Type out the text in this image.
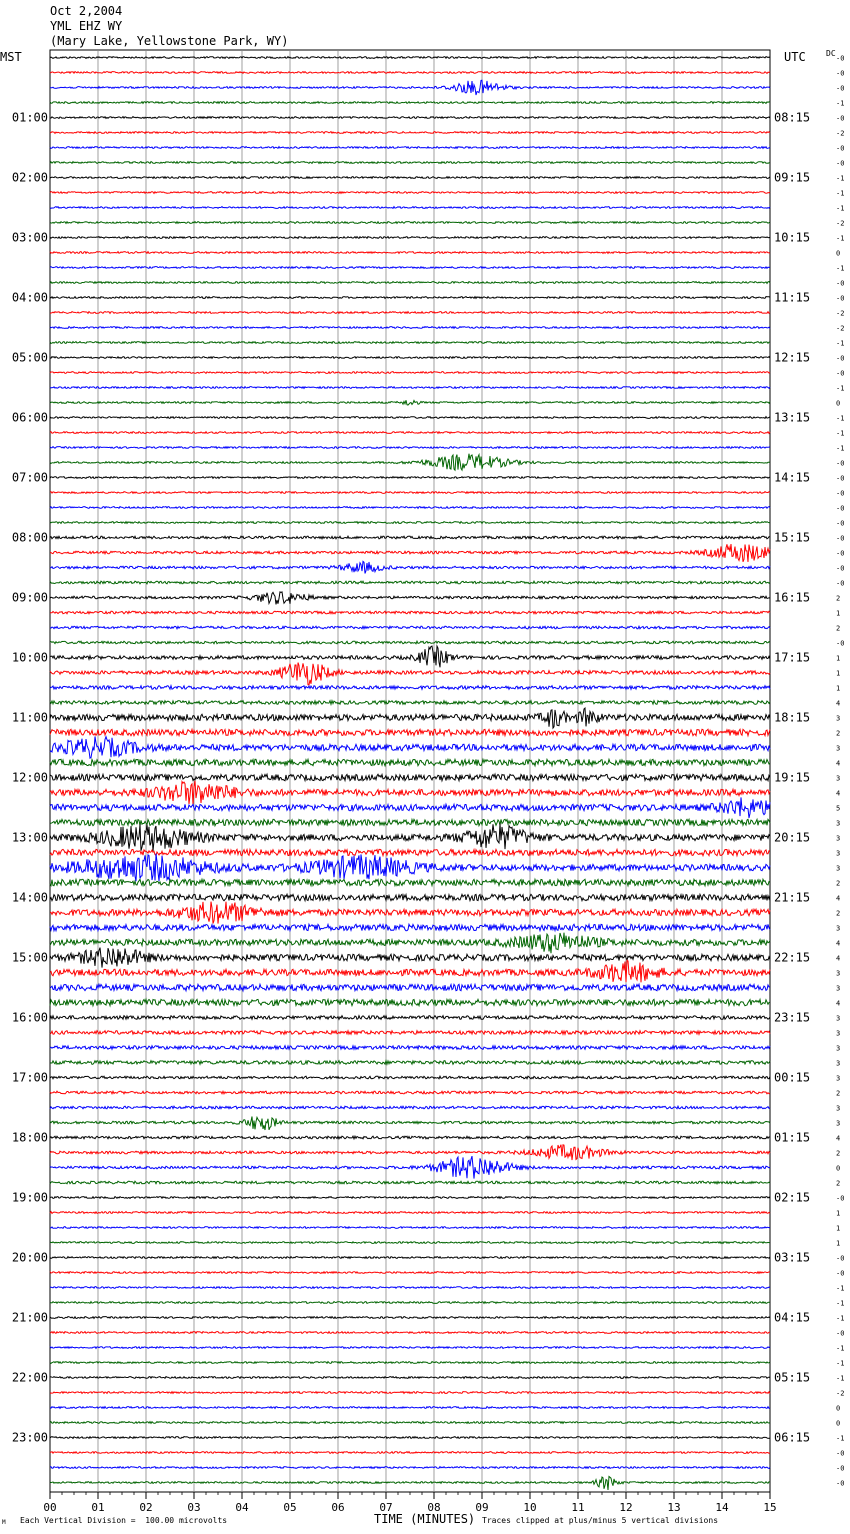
Oct 2,2004
YML EHZ WY
(Mary Lake, Yellowstone Park, WY)
MST	UTC	DC
00	01	02	03	04	05	06	07	08	09	10	11	12	13	14	15
-0
-0
-0
-1
-0
-2
-0
-0
-1
-1
-1
-2
-1
0
-1
-0
-0
-2
-2
-1
-0
-0
-1
0
-1
-1
-1
-0
-0
-0
-0
-0
-0
-0
-0
-0
2
1
2
-0
1
1
1
4
3
2
3
4
3
4
5
3
3
3
3
2
4
2
3
4
4
3
3
4
3
3
3
3
3
2
3
3
4
2
0
2
-0
1
1
1
-0
-0
-1
-1
-1
-0
-1
-1
-1
-2
0
0
-1
-0
-0
-0
01:00
02:00
03:00
04:00
05:00
06:00
07:00
08:00
09:00
10:00
11:00
12:00
13:00
14:00
15:00
16:00
17:00
18:00
19:00
20:00
21:00
22:00
23:00
08:15
09:15
10:15
11:15
12:15
13:15
14:15
15:15
16:15
17:15
18:15
19:15
20:15
21:15
22:15
23:15
00:15
01:15
02:15
03:15
04:15
05:15
06:15
Each Vertical Division =  100.00 microvolts	TIME (MINUTES) Traces clipped at plus/minus 5 vertical divisions
M
